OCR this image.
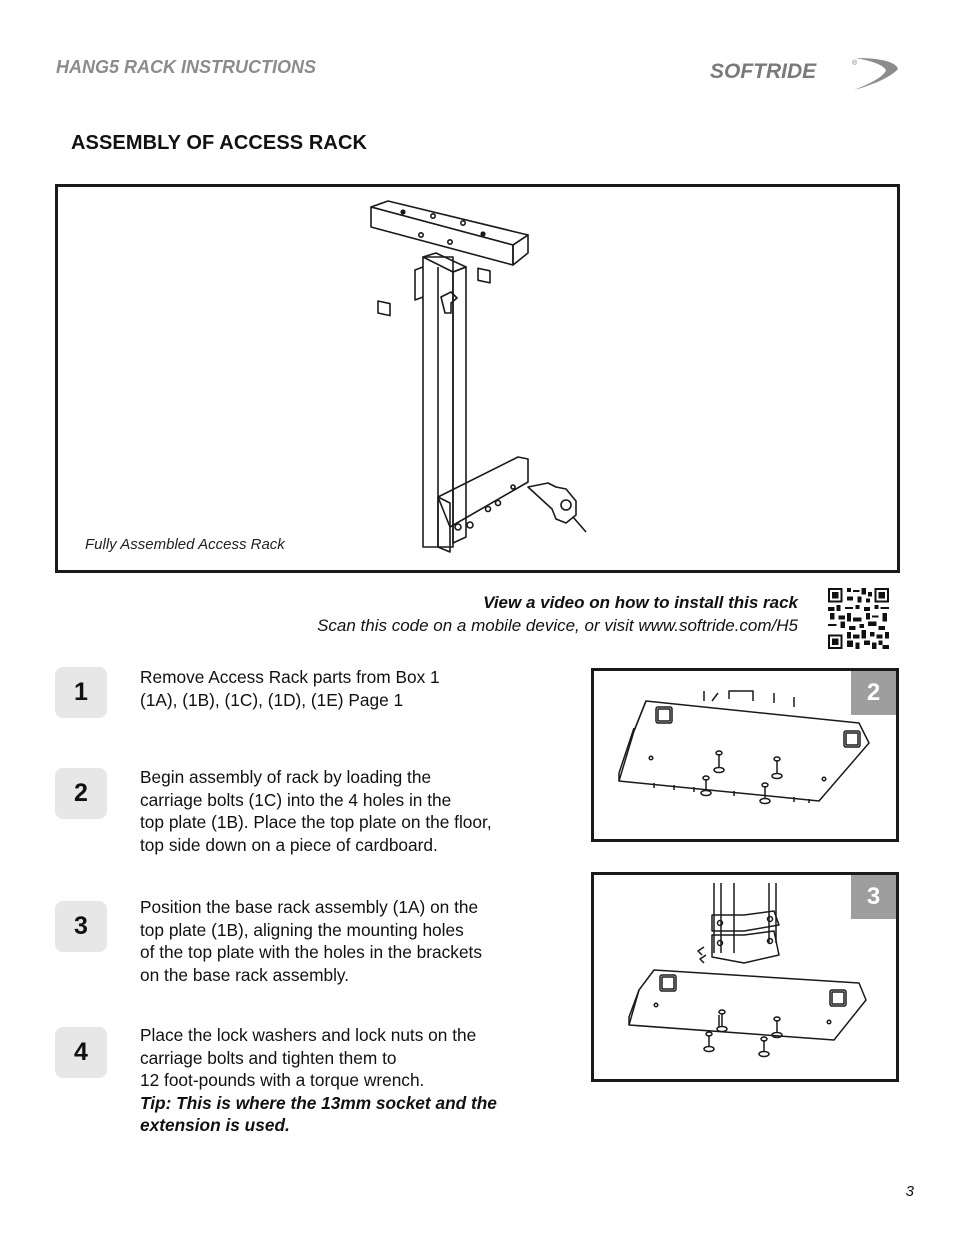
HANG5 RACK INSTRUCTIONS	SOFTRIDE	®
ASSEMBLY OF ACCESS RACK
Fully Assembled Access Rack
View a video on how to install this rack
Scan this code on a mobile device, or visit www.softride.com/H5
1
Remove Access Rack parts from Box 1
(1A), (1B), (1C), (1D), (1E) Page 1
2
Begin assembly of rack by loading the
carriage bolts (1C) into the 4 holes in the
top plate (1B). Place the top plate on the floor,
top side down on a piece of cardboard.
3
Position the base rack assembly (1A) on the
top plate (1B), aligning the mounting holes
of the top plate with the holes in the brackets
on the base rack assembly.
4
Place the lock washers and lock nuts on the
carriage bolts and tighten them to
12 foot-pounds with a torque wrench.
Tip: This is where the 13mm socket and the
extension is used.
2
3
3
